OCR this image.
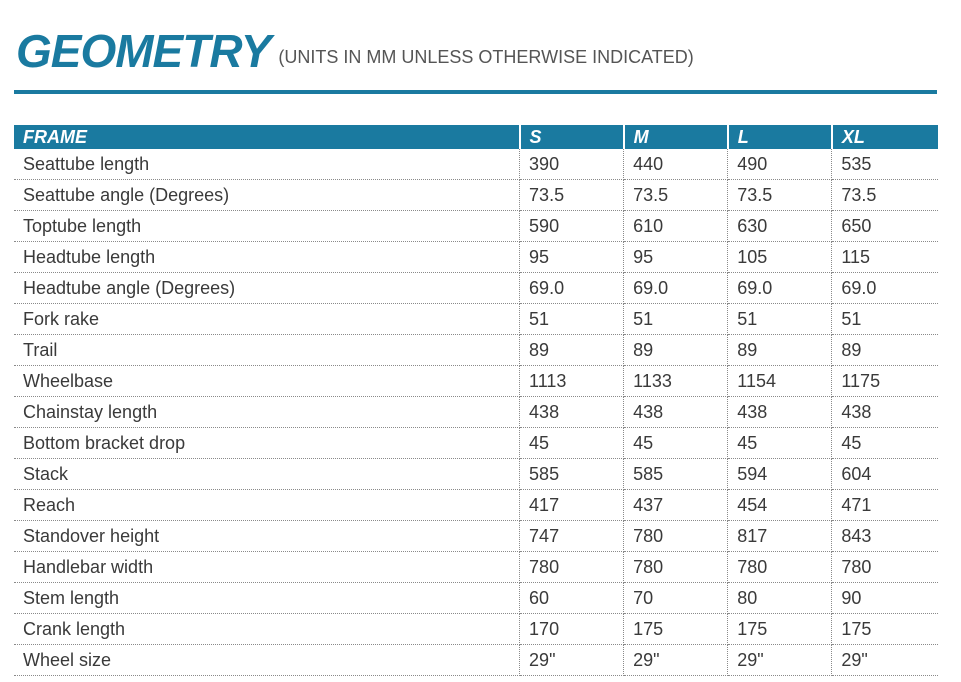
GEOMETRY (UNITS IN MM UNLESS OTHERWISE INDICATED)
FRAME	S	M	L	XL
Seattube length	390	440	490	535
Seattube angle (Degrees)	73.5	73.5	73.5	73.5
Toptube length	590	610	630	650
Headtube length	95	95	105	115
Headtube angle (Degrees)	69.0	69.0	69.0	69.0
Fork rake	51	51	51	51
Trail	89	89	89	89
Wheelbase	1113	1133	1154	1175
Chainstay length	438	438	438	438
Bottom bracket drop	45	45	45	45
Stack	585	585	594	604
Reach	417	437	454	471
Standover height	747	780	817	843
Handlebar width	780	780	780	780
Stem length	60	70	80	90
Crank length	170	175	175	175
Wheel size	29"	29"	29"	29"
